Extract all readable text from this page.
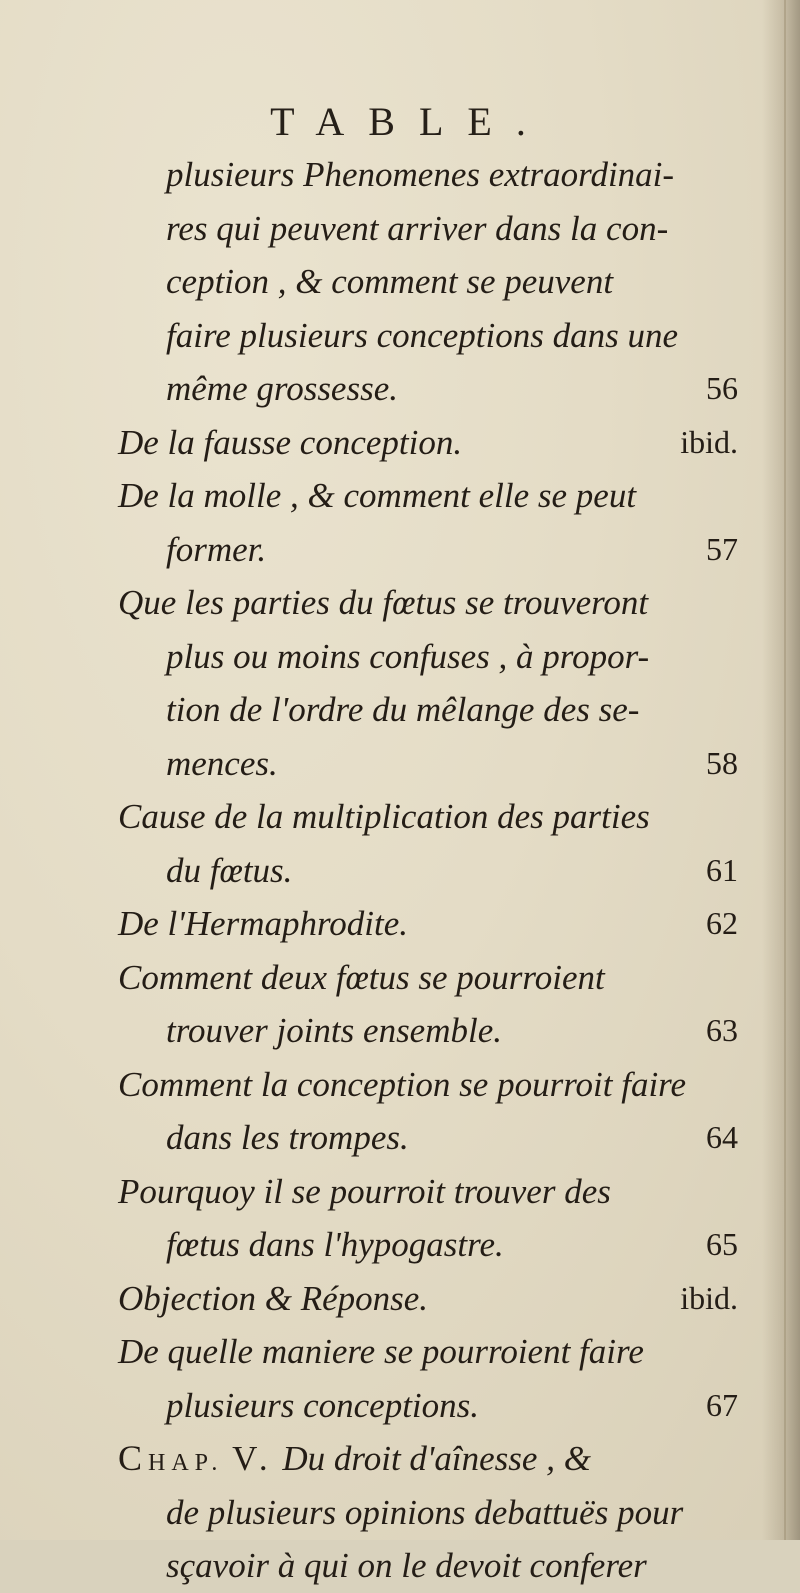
TABLE.
plusieurs Phenomenes extraordinai-
res qui peuvent arriver dans la con-
ception , & comment se peuvent
faire plusieurs conceptions dans une
même grossesse.	56
De la fausse conception.	ibid.
De la molle , & comment elle se peut
former.	57
Que les parties du fœtus se trouveront
plus ou moins confuses , à propor-
tion de l'ordre du mêlange des se-
mences.	58
Cause de la multiplication des parties
du fœtus.	61
De l'Hermaphrodite.	62
Comment deux fœtus se pourroient
trouver joints ensemble.	63
Comment la conception se pourroit faire
dans les trompes.	64
Pourquoy il se pourroit trouver des
fœtus dans l'hypogastre.	65
Objection & Réponse.	ibid.
De quelle maniere se pourroient faire
plusieurs conceptions.	67
CHAP. V. Du droit d'aînesse , &
de plusieurs opinions debattuës pour
sçavoir à qui on le devoit conferer
